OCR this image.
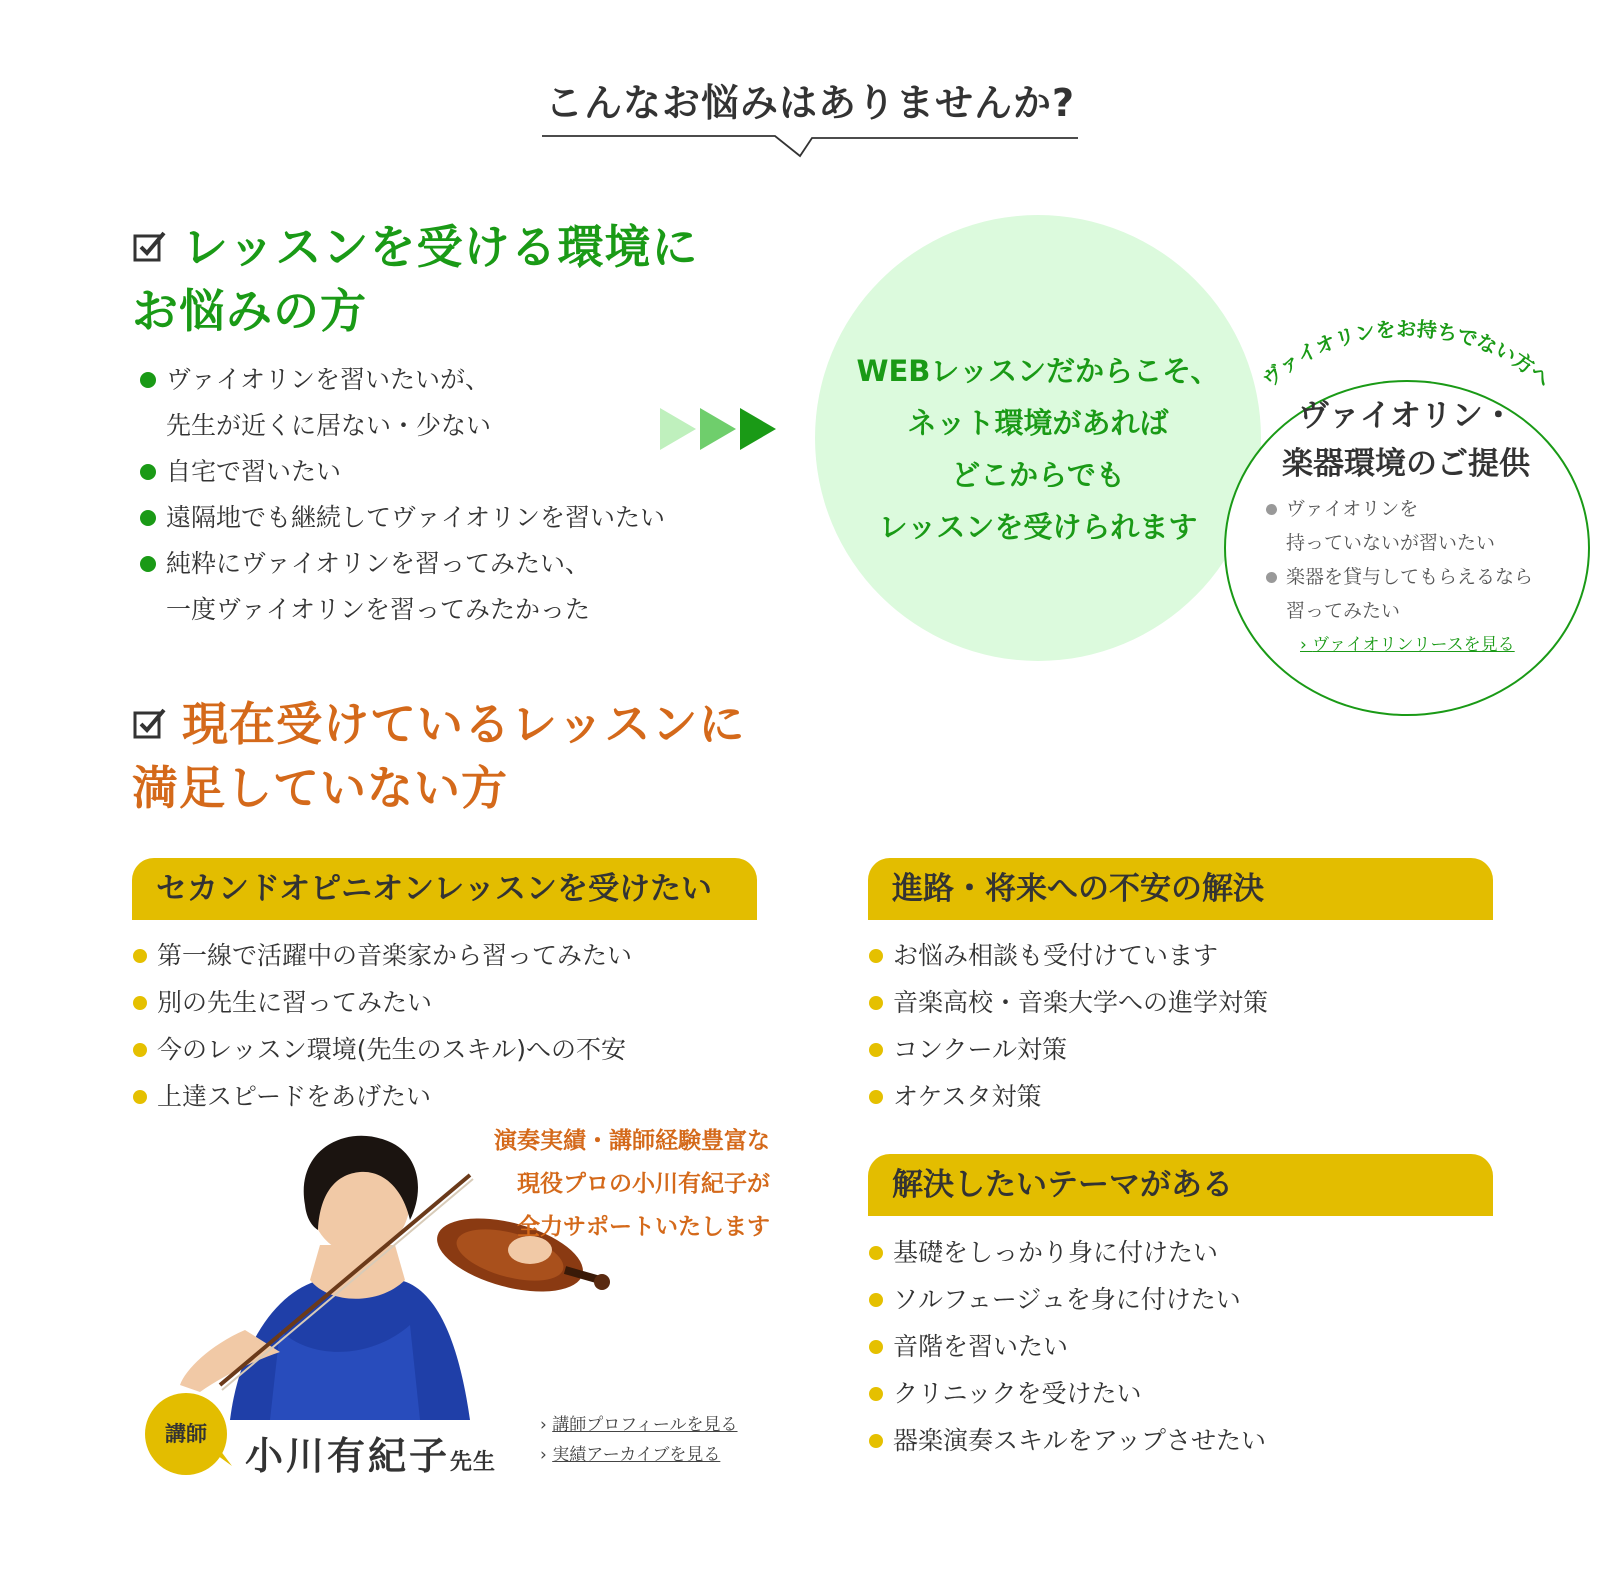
こんなお悩みはありませんか?
レッスンを受ける環境に
お悩みの方
ヴァイオリンを習いたいが、
先生が近くに居ない・少ない
自宅で習いたい
遠隔地でも継続してヴァイオリンを習いたい
純粋にヴァイオリンを習ってみたい、
一度ヴァイオリンを習ってみたかった
WEBレッスンだからこそ、
ネット環境があれば
どこからでも
レッスンを受けられます
ヴァイオリンをお持ちでない方へ
ヴァイオリン・
楽器環境のご提供
ヴァイオリンを
持っていないが習いたい
楽器を貸与してもらえるなら
習ってみたい
› ヴァイオリンリースを見る
現在受けているレッスンに
満足していない方
セカンドオピニオンレッスンを受けたい
第一線で活躍中の音楽家から習ってみたい
別の先生に習ってみたい
今のレッスン環境(先生のスキル)への不安
上達スピードをあげたい
進路・将来への不安の解決
お悩み相談も受付けています
音楽高校・音楽大学への進学対策
コンクール対策
オケスタ対策
解決したいテーマがある
基礎をしっかり身に付けたい
ソルフェージュを身に付けたい
音階を習いたい
クリニックを受けたい
器楽演奏スキルをアップさせたい
演奏実績・講師経験豊富な
現役プロの小川有紀子が
全力サポートいたします
講師	小川有紀子先生
› 講師プロフィールを見る
› 実績アーカイブを見る
